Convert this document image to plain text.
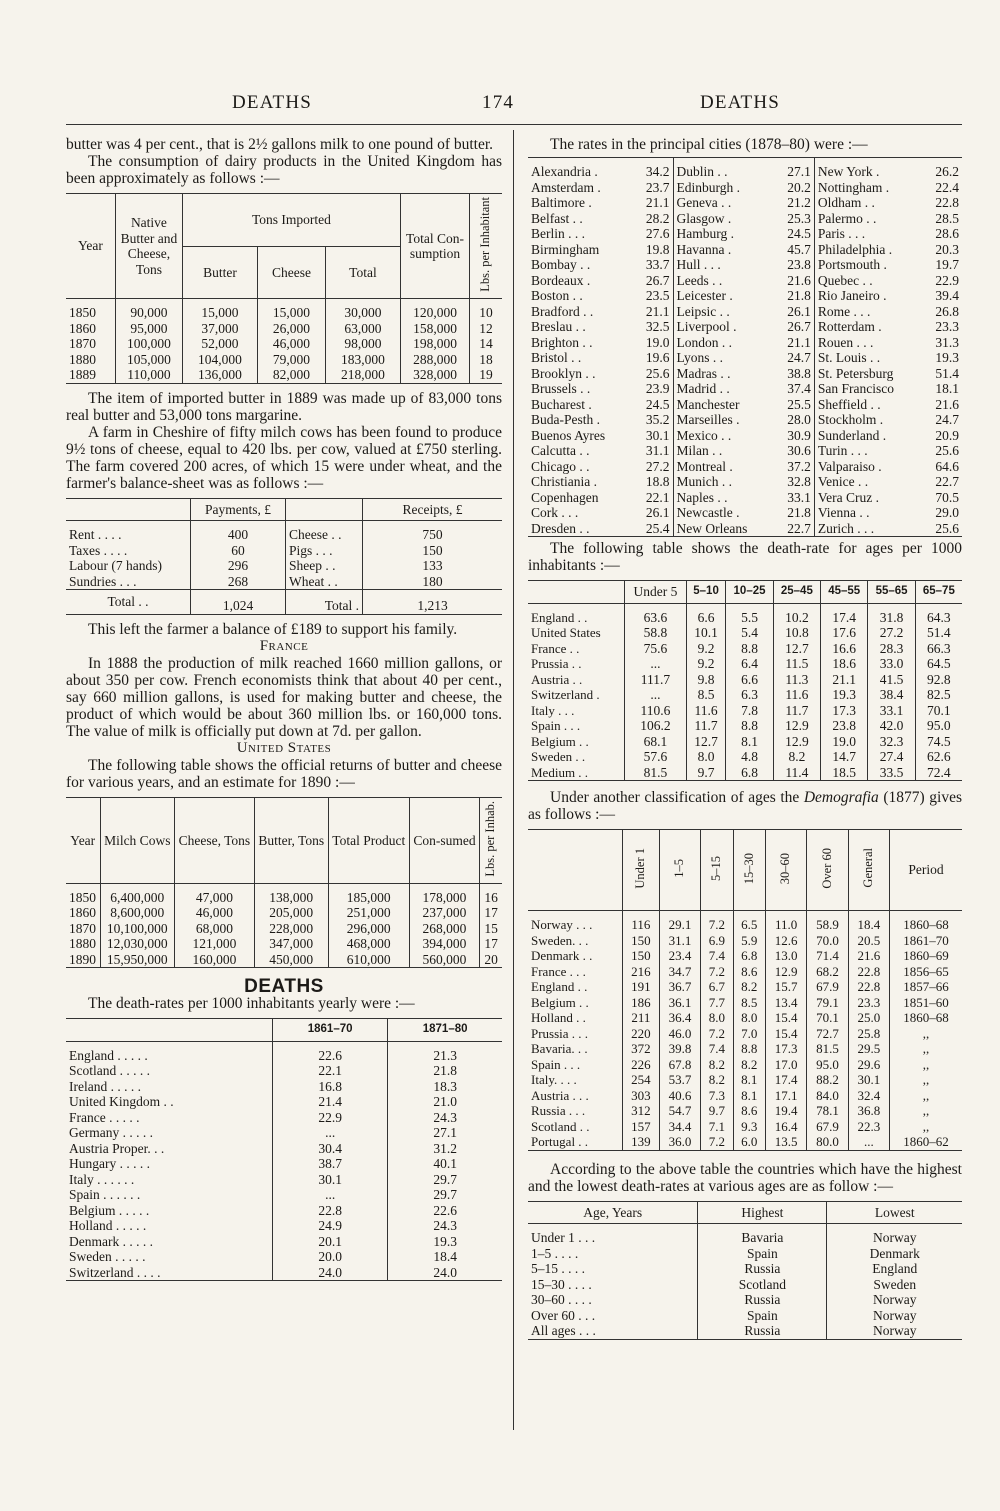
DEATHS	174	DEATHS

butter was 4 per cent., that is 2½ gallons milk to one pound of butter.

The consumption of dairy products in the United Kingdom has been approximately as follows :—

Year	Native Butter and Cheese, Tons	Tons Imported			Total Con-sumption	Lbs. per Inhabitant
		Butter	Cheese	Total		
1850	90,000	15,000	15,000	30,000	120,000	10
1860	95,000	37,000	26,000	63,000	158,000	12
1870	100,000	52,000	46,000	98,000	198,000	14
1880	105,000	104,000	79,000	183,000	288,000	18
1889	110,000	136,000	82,000	218,000	328,000	19

The item of imported butter in 1889 was made up of 83,000 tons real butter and 53,000 tons margarine.

A farm in Cheshire of fifty milch cows has been found to produce 9½ tons of cheese, equal to 420 lbs. per cow, valued at £750 sterling. The farm covered 200 acres, of which 15 were under wheat, and the farmer's balance-sheet was as follows :—

	Payments, £		Receipts, £
Rent . . . .	400	Cheese . .	750
Taxes . . . .	60	Pigs . . .	150
Labour (7 hands)	296	Sheep . .	133
Sundries . . .	268	Wheat . .	180
Total . .	1,024	Total .	1,213

This left the farmer a balance of £189 to support his family.

France

In 1888 the production of milk reached 1660 million gallons, or about 350 per cow. French economists think that about 40 per cent., say 660 million gallons, is used for making butter and cheese, the product of which would be about 360 million lbs. or 160,000 tons. The value of milk is officially put down at 7d. per gallon.

United States

The following table shows the official returns of butter and cheese for various years, and an estimate for 1890 :—

Year	Milch Cows	Cheese, Tons	Butter, Tons	Total Product	Con-sumed	Lbs. per Inhab.
1850	6,400,000	47,000	138,000	185,000	178,000	16
1860	8,600,000	46,000	205,000	251,000	237,000	17
1870	10,100,000	68,000	228,000	296,000	268,000	15
1880	12,030,000	121,000	347,000	468,000	394,000	17
1890	15,950,000	160,000	450,000	610,000	560,000	20

DEATHS

The death-rates per 1000 inhabitants yearly were :—

	1861–70	1871–80
England . . . . .	22.6	21.3
Scotland . . . . .	22.1	21.8
Ireland . . . . .	16.8	18.3
United Kingdom . .	21.4	21.0
France . . . . .	22.9	24.3
Germany . . . . .	...	27.1
Austria Proper. . .	30.4	31.2
Hungary . . . . .	38.7	40.1
Italy . . . . . .	30.1	29.7
Spain . . . . . .	...	29.7
Belgium . . . . .	22.8	22.6
Holland . . . . .	24.9	24.3
Denmark . . . . .	20.1	19.3
Sweden . . . . .	20.0	18.4
Switzerland . . . .	24.0	24.0

The rates in the principal cities (1878–80) were :—

Alexandria .	34.2	Dublin . .	27.1	New York .	26.2
Amsterdam .	23.7	Edinburgh .	20.2	Nottingham .	22.4
Baltimore .	21.1	Geneva . .	21.2	Oldham . .	22.8
Belfast . .	28.2	Glasgow .	25.3	Palermo . .	28.5
Berlin . . .	27.6	Hamburg .	24.5	Paris . . .	28.6
Birmingham	19.8	Havanna .	45.7	Philadelphia .	20.3
Bombay . .	33.7	Hull . . .	23.8	Portsmouth .	19.7
Bordeaux .	26.7	Leeds . .	21.6	Quebec . .	22.9
Boston . .	23.5	Leicester .	21.8	Rio Janeiro .	39.4
Bradford . .	21.1	Leipsic . .	26.1	Rome . . .	26.8
Breslau . .	32.5	Liverpool .	26.7	Rotterdam .	23.3
Brighton . .	19.0	London . .	21.1	Rouen . . .	31.3
Bristol . .	19.6	Lyons . .	24.7	St. Louis . .	19.3
Brooklyn . .	25.6	Madras . .	38.8	St. Petersburg	51.4
Brussels . .	23.9	Madrid . .	37.4	San Francisco	18.1
Bucharest .	24.5	Manchester	25.5	Sheffield . .	21.6
Buda-Pesth .	35.2	Marseilles .	28.0	Stockholm .	24.7
Buenos Ayres	30.1	Mexico . .	30.9	Sunderland .	20.9
Calcutta . .	31.1	Milan . .	30.6	Turin . . .	25.6
Chicago . .	27.2	Montreal .	37.2	Valparaiso .	64.6
Christiania .	18.8	Munich . .	32.8	Venice . .	22.7
Copenhagen	22.1	Naples . .	33.1	Vera Cruz .	70.5
Cork . . .	26.1	Newcastle .	21.8	Vienna . .	29.0
Dresden . .	25.4	New Orleans	22.7	Zurich . . .	25.6

The following table shows the death-rate for ages per 1000 inhabitants :—

	Under 5	5–10	10–25	25–45	45–55	55–65	65–75
England . .	63.6	6.6	5.5	10.2	17.4	31.8	64.3
United States	58.8	10.1	5.4	10.8	17.6	27.2	51.4
France . .	75.6	9.2	8.8	12.7	16.6	28.3	66.3
Prussia . .	...	9.2	6.4	11.5	18.6	33.0	64.5
Austria . .	111.7	9.8	6.6	11.3	21.1	41.5	92.8
Switzerland .	...	8.5	6.3	11.6	19.3	38.4	82.5
Italy . . .	110.6	11.6	7.8	11.7	17.3	33.1	70.1
Spain . . .	106.2	11.7	8.8	12.9	23.8	42.0	95.0
Belgium . .	68.1	12.7	8.1	12.9	19.0	32.3	74.5
Sweden . .	57.6	8.0	4.8	8.2	14.7	27.4	62.6
Medium . .	81.5	9.7	6.8	11.4	18.5	33.5	72.4

Under another classification of ages the Demografia (1877) gives as follows :—

	Under 1	1–5	5–15	15–30	30–60	Over 60	General	Period
Norway . . .	116	29.1	7.2	6.5	11.0	58.9	18.4	1860–68
Sweden. . .	150	31.1	6.9	5.9	12.6	70.0	20.5	1861–70
Denmark . .	150	23.4	7.4	6.8	13.0	71.4	21.6	1860–69
France . . .	216	34.7	7.2	8.6	12.9	68.2	22.8	1856–65
England . .	191	36.7	6.7	8.2	15.7	67.9	22.8	1857–66
Belgium . .	186	36.1	7.7	8.5	13.4	79.1	23.3	1851–60
Holland . .	211	36.4	8.0	8.0	15.4	70.1	25.0	1860–68
Prussia . . .	220	46.0	7.2	7.0	15.4	72.7	25.8	,,
Bavaria. . .	372	39.8	7.4	8.8	17.3	81.5	29.5	,,
Spain . . .	226	67.8	8.2	8.2	17.0	95.0	29.6	,,
Italy. . . .	254	53.7	8.2	8.1	17.4	88.2	30.1	,,
Austria . . .	303	40.6	7.3	8.1	17.1	84.0	32.4	,,
Russia . . .	312	54.7	9.7	8.6	19.4	78.1	36.8	,,
Scotland . .	157	34.4	7.1	9.3	16.4	67.9	22.3	,,
Portugal . .	139	36.0	7.2	6.0	13.5	80.0	...	1860–62

According to the above table the countries which have the highest and the lowest death-rates at various ages are as follow :—

Age, Years	Highest	Lowest
Under 1 . . .	Bavaria	Norway
1–5 . . . .	Spain	Denmark
5–15 . . . .	Russia	England
15–30 . . . .	Scotland	Sweden
30–60 . . . .	Russia	Norway
Over 60 . . .	Spain	Norway
All ages . . .	Russia	Norway
